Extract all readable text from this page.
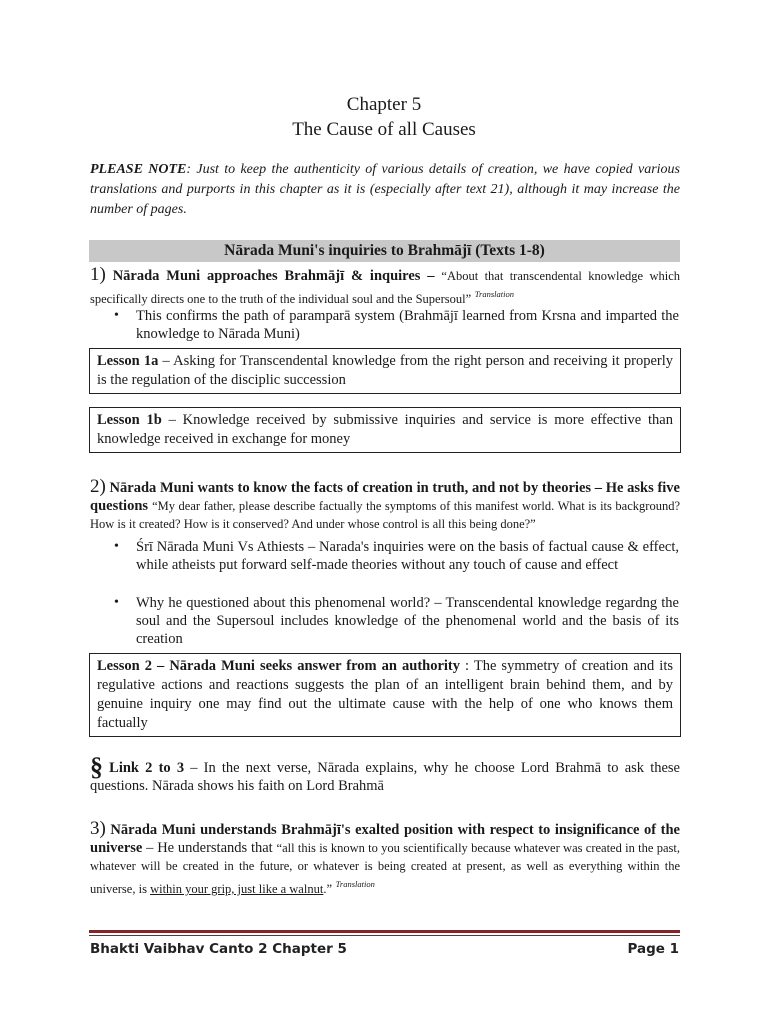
Chapter 5
The Cause of all Causes
PLEASE NOTE: Just to keep the authenticity of various details of creation, we have copied various translations and purports in this chapter as it is (especially after text 21), although it may increase the number of pages.
Nārada Muni's inquiries to Brahmājī (Texts 1-8)
1) Nārada Muni approaches Brahmājī & inquires – “About that transcendental knowledge which specifically directs one to the truth of the individual soul and the Supersoul” $^{Translation}$
• This confirms the path of paramparā system (Brahmājī learned from Krsna and imparted the knowledge to Nārada Muni)
Lesson 1a – Asking for Transcendental knowledge from the right person and receiving it properly is the regulation of the disciplic succession
Lesson 1b – Knowledge received by submissive inquiries and service is more effective than knowledge received in exchange for money
2) Nārada Muni wants to know the facts of creation in truth, and not by theories – He asks five questions “My dear father, please describe factually the symptoms of this manifest world. What is its background? How is it created? How is it conserved? And under whose control is all this being done?”
• Śrī Nārada Muni Vs Athiests – Narada's inquiries were on the basis of factual cause & effect, while atheists put forward self-made theories without any touch of cause and effect
• Why he questioned about this phenomenal world? – Transcendental knowledge regardng the soul and the Supersoul includes knowledge of the phenomenal world and the basis of its creation
Lesson 2 – Nārada Muni seeks answer from an authority : The symmetry of creation and its regulative actions and reactions suggests the plan of an intelligent brain behind them, and by genuine inquiry one may find out the ultimate cause with the help of one who knows them factually
§ Link 2 to 3 – In the next verse, Nārada explains, why he choose Lord Brahmā to ask these questions. Nārada shows his faith on Lord Brahmā
3) Nārada Muni understands Brahmājī's exalted position with respect to insignificance of the universe – He understands that “all this is known to you scientifically because whatever was created in the past, whatever will be created in the future, or whatever is being created at present, as well as everything within the universe, is within your grip, just like a walnut.” $^{Translation}$
Bhakti Vaibhav Canto 2 Chapter 5	Page 1
